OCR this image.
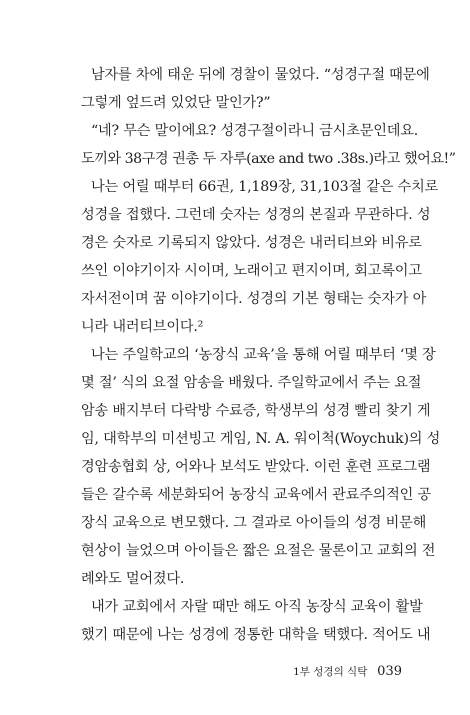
남자를 차에 태운 뒤에 경찰이 물었다. “성경구절 때문에
그렇게 엎드려 있었단 말인가?”
“네? 무슨 말이에요? 성경구절이라니 금시초문인데요.
도끼와 38구경 권총 두 자루(axe and two .38s.)라고 했어요!”
나는 어릴 때부터 66권, 1,189장, 31,103절 같은 수치로
성경을 접했다. 그런데 숫자는 성경의 본질과 무관하다. 성
경은 숫자로 기록되지 않았다. 성경은 내러티브와 비유로
쓰인 이야기이자 시이며, 노래이고 편지이며, 회고록이고
자서전이며 꿈 이야기이다. 성경의 기본 형태는 숫자가 아
니라 내러티브이다.²
나는 주일학교의 ‘농장식 교육’을 통해 어릴 때부터 ‘몇 장
몇 절’ 식의 요절 암송을 배웠다. 주일학교에서 주는 요절
암송 배지부터 다락방 수료증, 학생부의 성경 빨리 찾기 게
임, 대학부의 미션빙고 게임, N. A. 워이척(Woychuk)의 성
경암송협회 상, 어와나 보석도 받았다. 이런 훈련 프로그램
들은 갈수록 세분화되어 농장식 교육에서 관료주의적인 공
장식 교육으로 변모했다. 그 결과로 아이들의 성경 비문해
현상이 늘었으며 아이들은 짧은 요절은 물론이고 교회의 전
례와도 멀어졌다.
내가 교회에서 자랄 때만 해도 아직 농장식 교육이 활발
했기 때문에 나는 성경에 정통한 대학을 택했다. 적어도 내
1부 성경의 식탁 039
